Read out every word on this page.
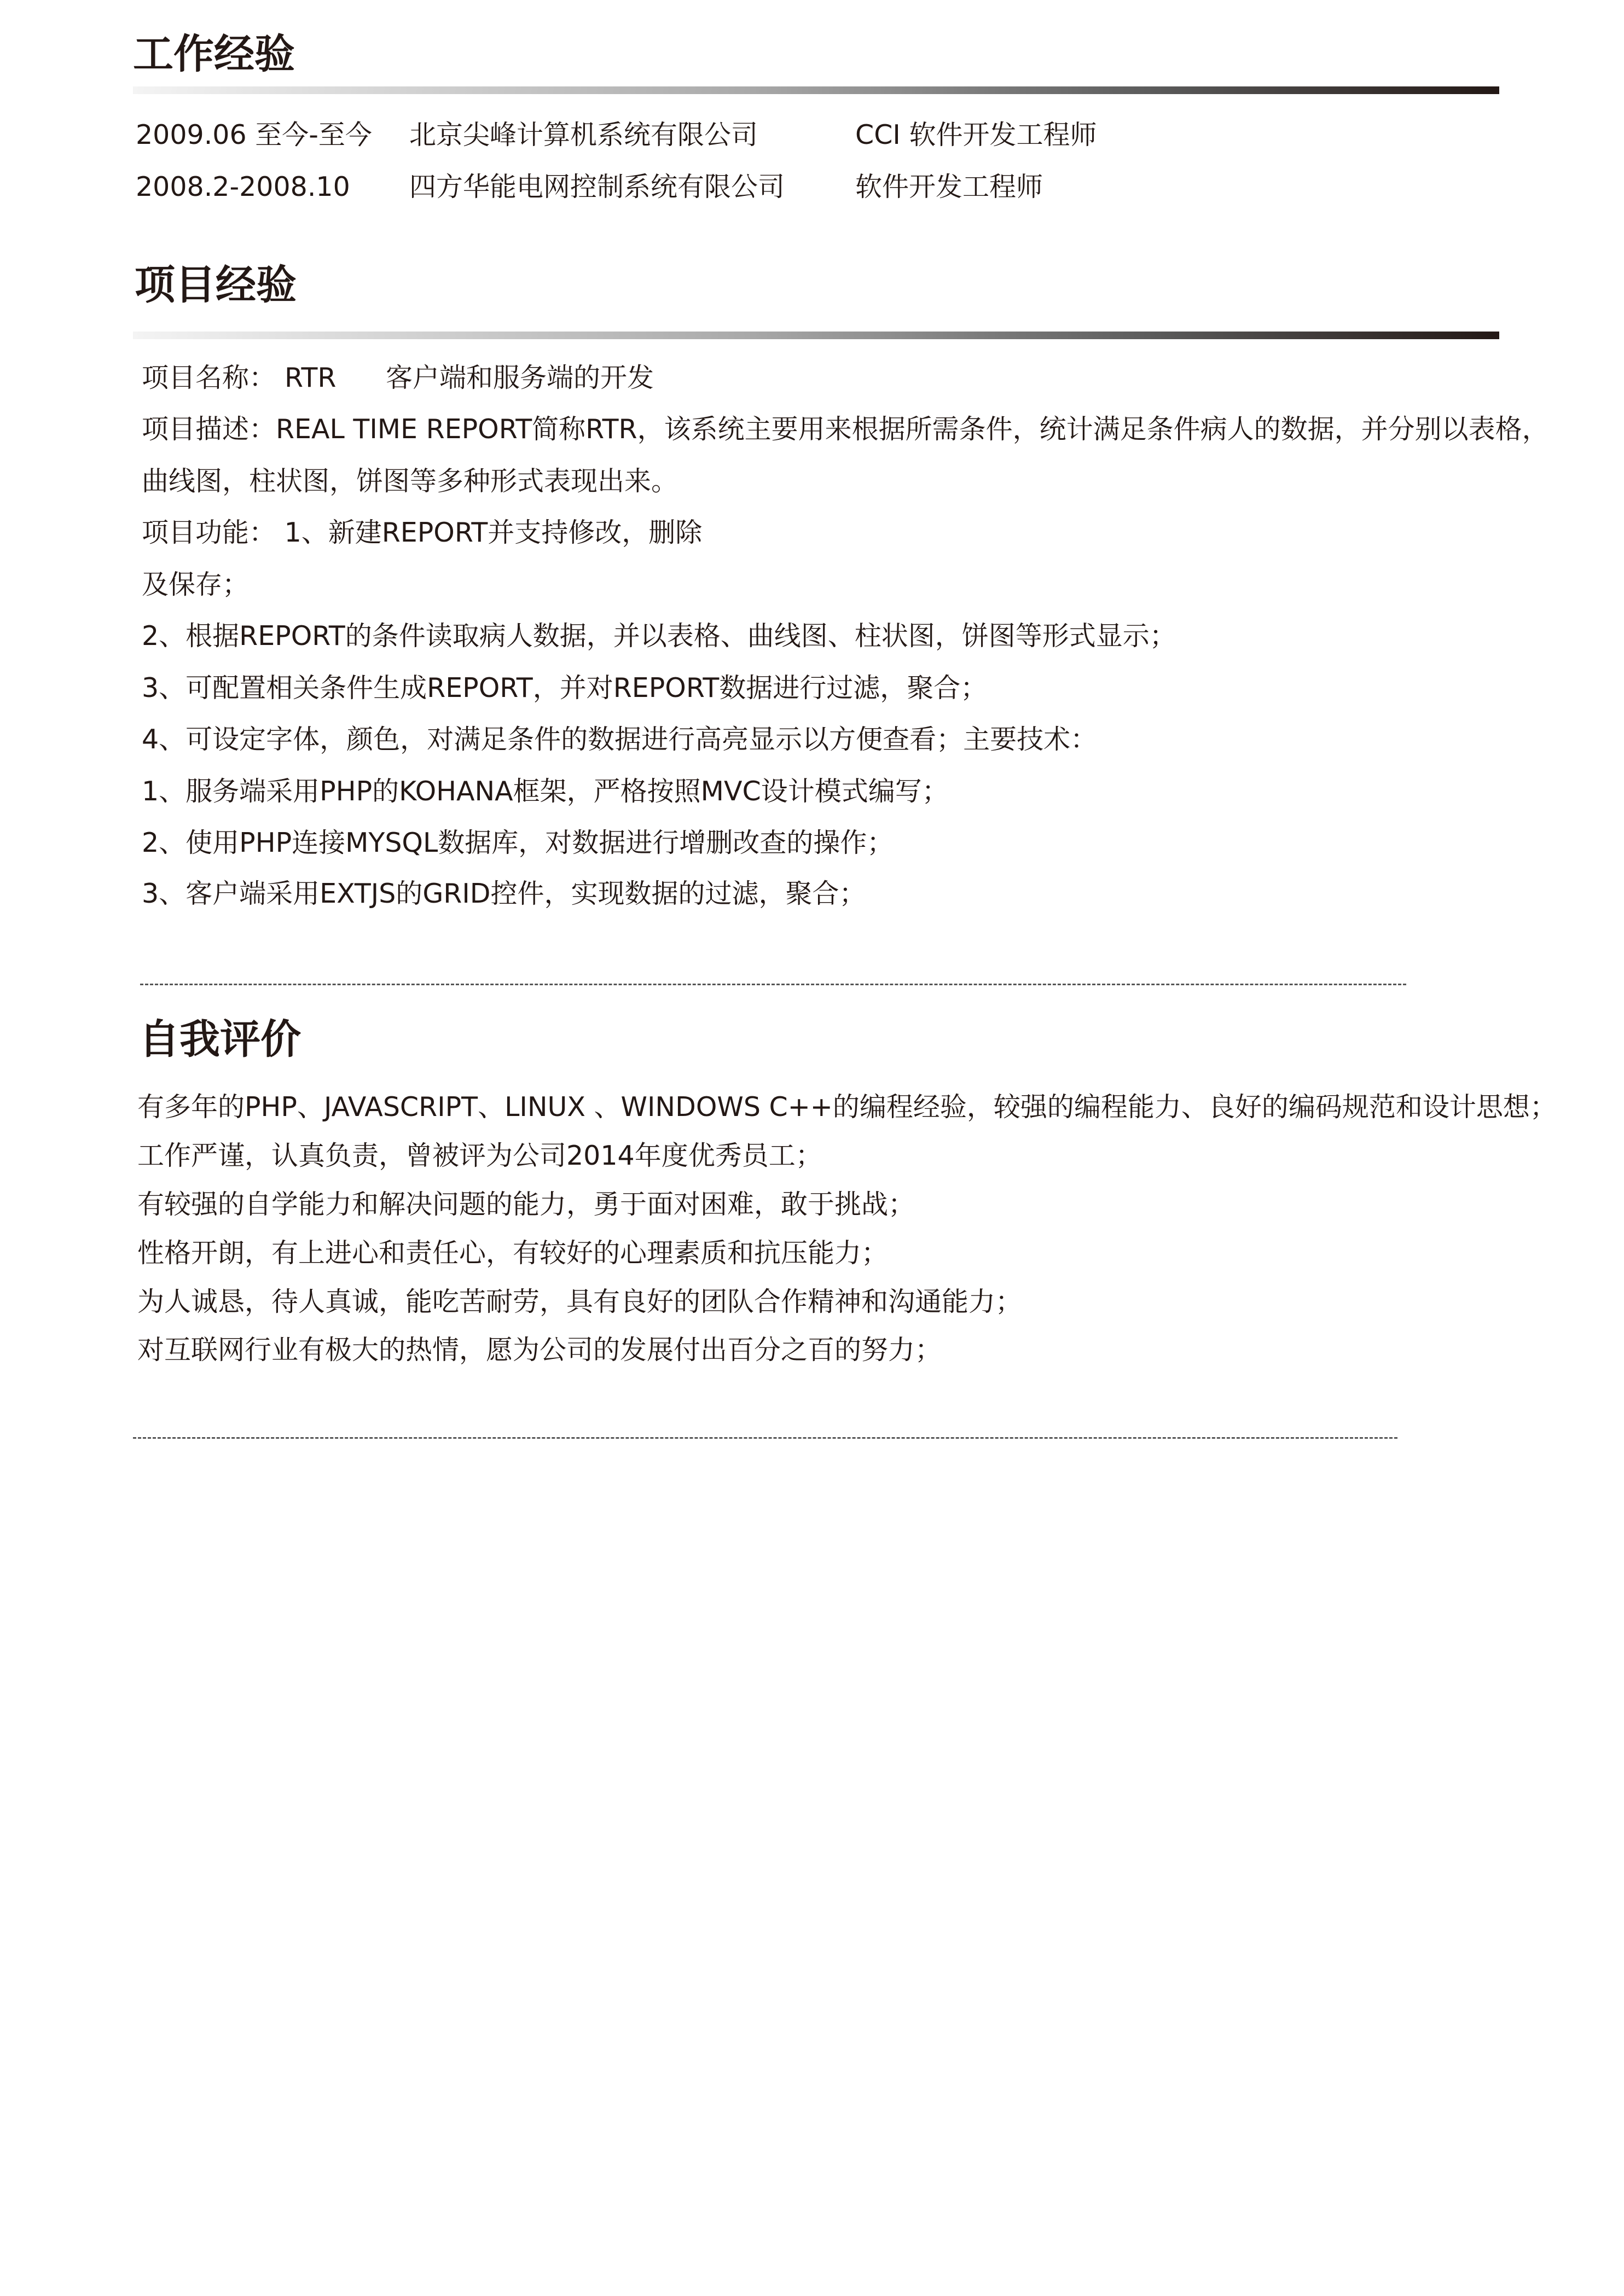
工作经验
2009.06 至今-至今 北京尖峰计算机系统有限公司	CCI 软件开发工程师
2008.2-2008.10 四方华能电网控制系统有限公司	软件开发工程师
项目经验
项目名称： RTR 客户端和服务端的开发
项目描述：REAL TIME REPORT简称RTR，该系统主要用来根据所需条件，统计满足条件病人的数据，并分别以表格，
曲线图，柱状图，饼图等多种形式表现出来。
项目功能： 1、新建REPORT并支持修改，删除
及保存；
2、根据REPORT的条件读取病人数据，并以表格、曲线图、柱状图，饼图等形式显示；
3、可配置相关条件生成REPORT，并对REPORT数据进行过滤，聚合；
4、可设定字体，颜色，对满足条件的数据进行高亮显示以方便查看；主要技术：
1、服务端采用PHP的KOHANA框架，严格按照MVC设计模式编写；
2、使用PHP连接MYSQL数据库，对数据进行增删改查的操作；
3、客户端采用EXTJS的GRID控件，实现数据的过滤，聚合；
自我评价
有多年的PHP、JAVASCRIPT、LINUX 、WINDOWS C++的编程经验，较强的编程能力、良好的编码规范和设计思想；
工作严谨，认真负责，曾被评为公司2014年度优秀员工；
有较强的自学能力和解决问题的能力，勇于面对困难，敢于挑战；
性格开朗，有上进心和责任心，有较好的心理素质和抗压能力；
为人诚恳，待人真诚，能吃苦耐劳，具有良好的团队合作精神和沟通能力；
对互联网行业有极大的热情，愿为公司的发展付出百分之百的努力；
